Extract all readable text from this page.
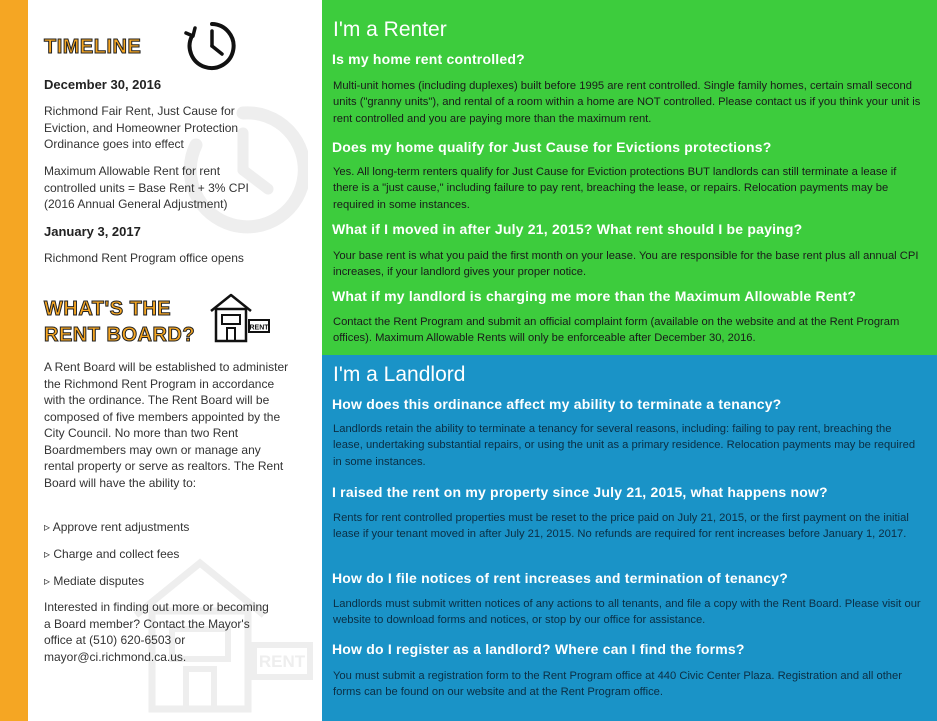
RENT
TIMELINE
December 30, 2016
Richmond Fair Rent, Just Cause for Eviction, and Homeowner Protection Ordinance goes into effect
Maximum Allowable Rent for rent controlled units = Base Rent + 3% CPI (2016 Annual General Adjustment)
January 3, 2017
Richmond Rent Program office opens
WHAT'S THE
RENT BOARD?	RENT
A Rent Board will be established to administer the Richmond Rent Program in accordance with the ordinance. The Rent Board will be composed of five members appointed by the City Council. No more than two Rent Boardmembers may own or manage any rental property or serve as realtors. The Rent Board will have the ability to:
▹ Approve rent adjustments
▹ Charge and collect fees
▹ Mediate disputes
Interested in finding out more or becoming a Board member? Contact the Mayor's office at (510) 620-6503 or mayor@ci.richmond.ca.us.
I'm a Renter
Is my home rent controlled?
Multi-unit homes (including duplexes) built before 1995 are rent controlled. Single family homes, certain small second units ("granny units"), and rental of a room within a home are NOT controlled. Please contact us if you think your unit is rent controlled and you are paying more than the maximum rent.
Does my home qualify for Just Cause for Evictions protections?
Yes. All long-term renters qualify for Just Cause for Eviction protections BUT landlords can still terminate a lease if there is a "just cause," including failure to pay rent, breaching the lease, or repairs. Relocation payments may be required in some instances.
What if I moved in after July 21, 2015? What rent should I be paying?
Your base rent is what you paid the first month on your lease. You are responsible for the base rent plus all annual CPI increases, if your landlord gives your proper notice.
What if my landlord is charging me more than the Maximum Allowable Rent?
Contact the Rent Program and submit an official complaint form (available on the website and at the Rent Program offices). Maximum Allowable Rents will only be enforceable after December 30, 2016.
I'm a Landlord
How does this ordinance affect my ability to terminate a tenancy?
Landlords retain the ability to terminate a tenancy for several reasons, including: failing to pay rent, breaching the lease, undertaking substantial repairs, or using the unit as a primary residence. Relocation payments may be required in some instances.
I raised the rent on my property since July 21, 2015, what happens now?
Rents for rent controlled properties must be reset to the price paid on July 21, 2015, or the first payment on the initial lease if your tenant moved in after July 21, 2015. No refunds are required for rent increases before January 1, 2017.
How do I file notices of rent increases and termination of tenancy?
Landlords must submit written notices of any actions to all tenants, and file a copy with the Rent Board. Please visit our website to download forms and notices, or stop by our office for assistance.
How do I register as a landlord? Where can I find the forms?
You must submit a registration form to the Rent Program office at 440 Civic Center Plaza. Registration and all other forms can be found on our website and at the Rent Program office.
